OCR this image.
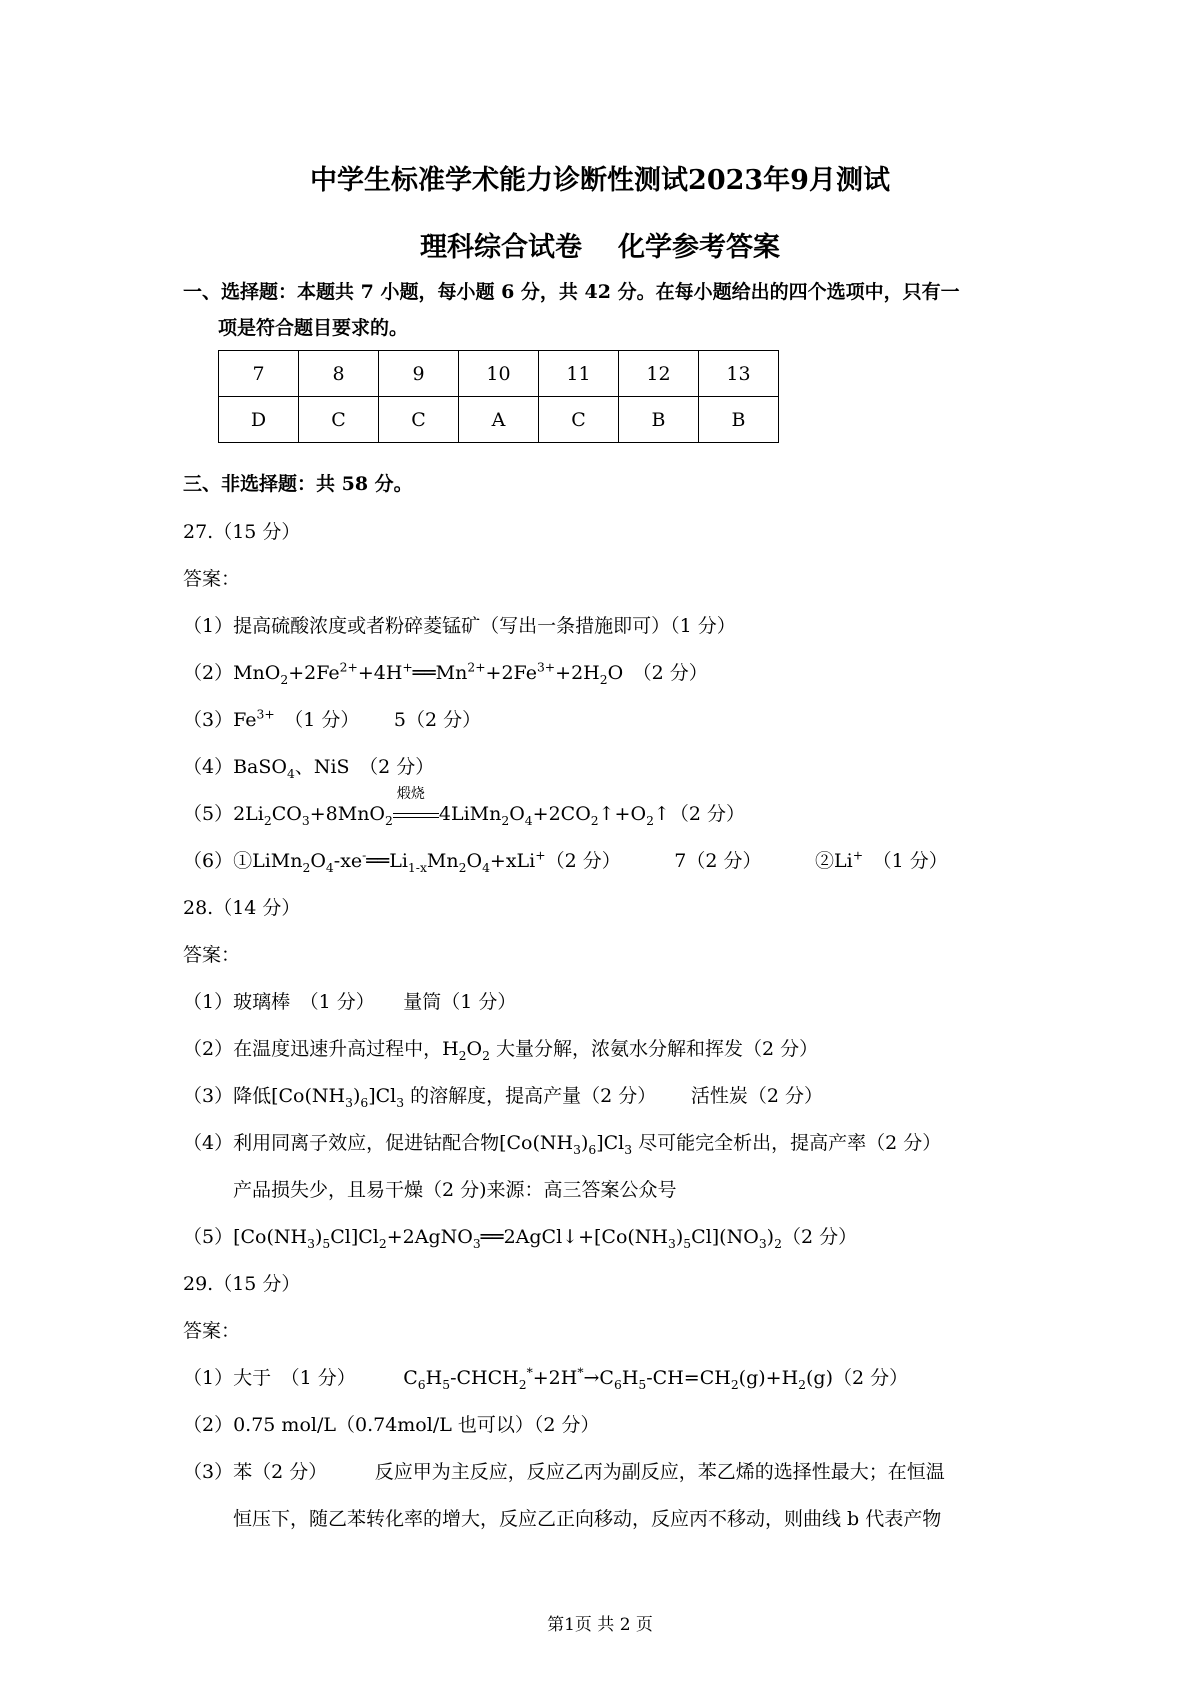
中学生标准学术能力诊断性测试2023年9月测试
理科综合试卷 化学参考答案
一、选择题：本题共 7 小题，每小题 6 分，共 42 分。在每小题给出的四个选项中，只有一
项是符合题目要求的。
7	8	9	10	11	12	13
D	C	C	A	C	B	B
三、非选择题：共 58 分。
27.（15 分）
答案：
（1）提高硫酸浓度或者粉碎菱锰矿（写出一条措施即可）（1 分）
$(2)MnO_2+2Fe^{2+}+4H^+══Mn^{2+}+2Fe^{3+}+2H_2O$　（2 分）
$(3)Fe^{3+}$　 （1 分）　　 5（2 分）
（4）BaSO$_4$、NiS　（2 分）
$(5)2Li_2CO_3+8MnO_2$
煅烧
$4LiMn_2O_4+2CO_2↑+O_2↑(2$ 分）
$(6)①LiMn_2O_4-xe^-══Li_{1-x}Mn_2O_4+xLi^+(2$ 分）　　　 7（2 分）　　　 ②Li+　 （1 分）
28.（14 分）
答案：
（1）玻璃棒　（1 分）　　量筒（1 分）
（2）在温度迅速升高过程中，$H_2O_2$ 大量分解，浓氨水分解和挥发（2 分）
（3）降低$[Co(NH_3)_6]Cl_3$ 的溶解度，提高产量（2 分）　　 活性炭（2 分）
（4）利用同离子效应，促进钴配合物$[Co(NH_3)_6]Cl_3$ 尽可能完全析出，提高产率（2 分）
产品损失少，且易干燥（2 分)来源：高三答案公众号
$(5)[Co(NH_3)_5Cl]Cl_2+2AgNO_3══2AgCl↓+[Co(NH_3)_5Cl](NO_3)_2(2$ 分）
29.（15 分）
答案：
（1）大于　（1 分）　　　$C_6H_5-CHCH_2^*+2H^*\to C_6H_5-CH=CH_2(g)+H_2(g)(2$ 分）
（2）0.75 mol/L（0.74mol/L 也可以）（2 分）
（3）苯（2 分）　　　反应甲为主反应，反应乙丙为副反应，苯乙烯的选择性最大；在恒温
恒压下，随乙苯转化率的增大，反应乙正向移动，反应丙不移动，则曲线 b 代表产物
第1页 共 2 页
